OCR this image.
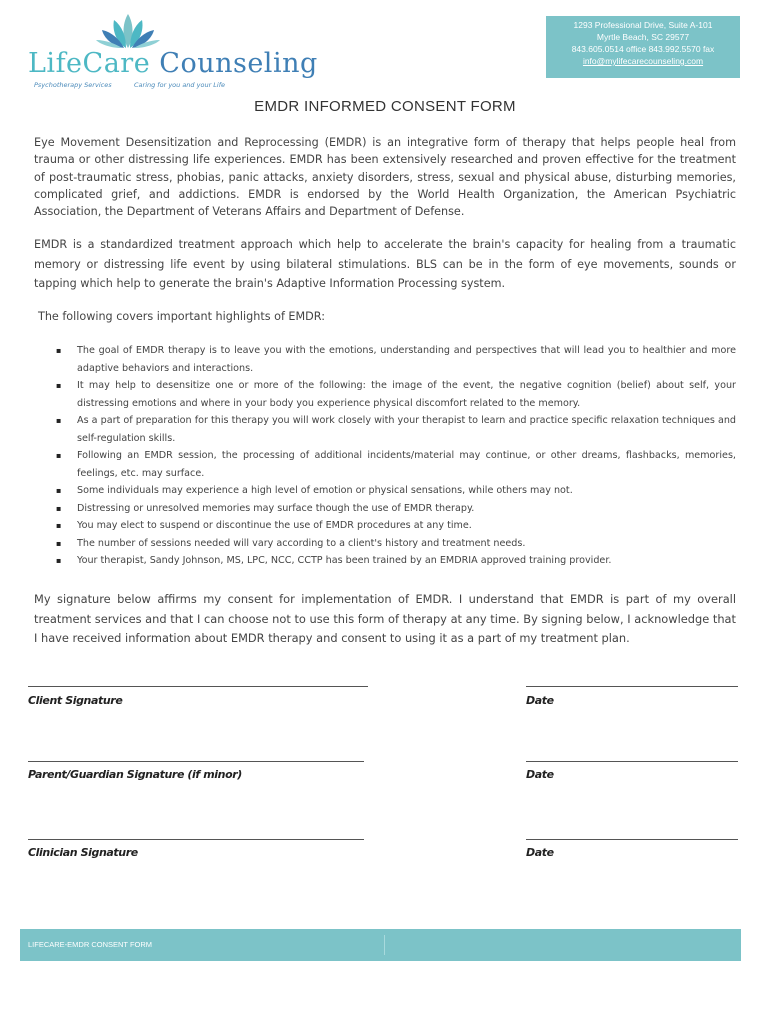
LifeCare Counseling
Psychotherapy Services	Caring for you and your Life
1293 Professional Drive, Suite A-101
Myrtle Beach, SC 29577
843.605.0514 office 843.992.5570 fax
info@mylifecarecounseling.com
EMDR INFORMED CONSENT FORM
Eye Movement Desensitization and Reprocessing (EMDR) is an integrative form of therapy that helps people heal from trauma or other distressing life experiences. EMDR has been extensively researched and proven effective for the treatment of post-traumatic stress, phobias, panic attacks, anxiety disorders, stress, sexual and physical abuse, disturbing memories, complicated grief, and addictions. EMDR is endorsed by the World Health Organization, the American Psychiatric Association, the Department of Veterans Affairs and Department of Defense.
EMDR is a standardized treatment approach which help to accelerate the brain's capacity for healing from a traumatic memory or distressing life event by using bilateral stimulations. BLS can be in the form of eye movements, sounds or tapping which help to generate the brain's Adaptive Information Processing system.
The following covers important highlights of EMDR:
▪ The goal of EMDR therapy is to leave you with the emotions, understanding and perspectives that will lead you to healthier and more adaptive behaviors and interactions.
▪ It may help to desensitize one or more of the following: the image of the event, the negative cognition (belief) about self, your distressing emotions and where in your body you experience physical discomfort related to the memory.
▪ As a part of preparation for this therapy you will work closely with your therapist to learn and practice specific relaxation techniques and self-regulation skills.
▪ Following an EMDR session, the processing of additional incidents/material may continue, or other dreams, flashbacks, memories, feelings, etc. may surface.
▪ Some individuals may experience a high level of emotion or physical sensations, while others may not.
▪ Distressing or unresolved memories may surface though the use of EMDR therapy.
▪ You may elect to suspend or discontinue the use of EMDR procedures at any time.
▪ The number of sessions needed will vary according to a client's history and treatment needs.
▪ Your therapist, Sandy Johnson, MS, LPC, NCC, CCTP has been trained by an EMDRIA approved training provider.
My signature below affirms my consent for implementation of EMDR. I understand that EMDR is part of my overall treatment services and that I can choose not to use this form of therapy at any time. By signing below, I acknowledge that I have received information about EMDR therapy and consent to using it as a part of my treatment plan.
Client Signature	Date
Parent/Guardian Signature (if minor)	Date
Clinician Signature	Date
LIFECARE-EMDR CONSENT FORM
